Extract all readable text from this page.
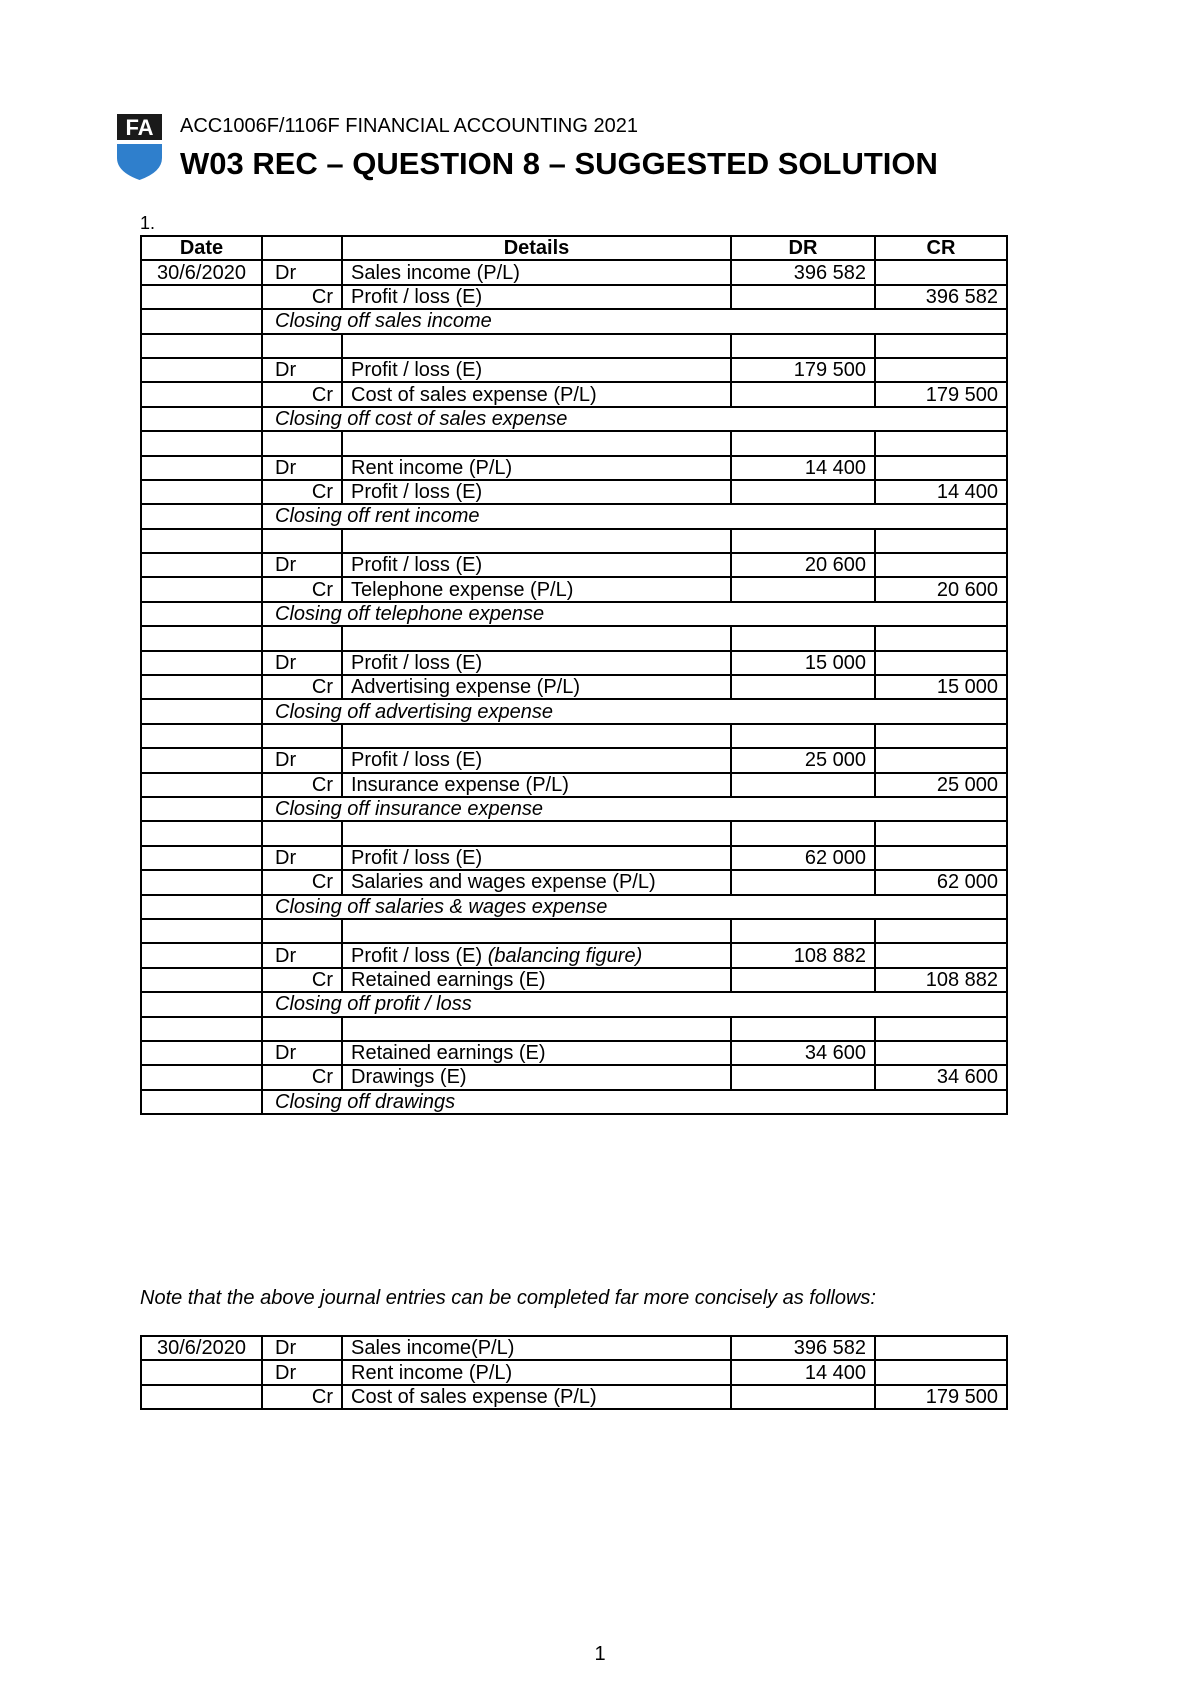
FA ACC1006F/1106F FINANCIAL ACCOUNTING 2021
W03 REC – QUESTION 8 – SUGGESTED SOLUTION
1.
Date		Details	DR	CR
30/6/2020	Dr	Sales income (P/L)	396 582	
	Cr	Profit / loss (E)		396 582
	Closing off sales income			

	Dr	Profit / loss (E)	179 500	
	Cr	Cost of sales expense (P/L)		179 500
	Closing off cost of sales expense			

	Dr	Rent income (P/L)	14 400	
	Cr	Profit / loss (E)		14 400
	Closing off rent income			

	Dr	Profit / loss (E)	20 600	
	Cr	Telephone expense (P/L)		20 600
	Closing off telephone expense			

	Dr	Profit / loss (E)	15 000	
	Cr	Advertising expense (P/L)		15 000
	Closing off advertising expense			

	Dr	Profit / loss (E)	25 000	
	Cr	Insurance expense (P/L)		25 000
	Closing off insurance expense			

	Dr	Profit / loss (E)	62 000	
	Cr	Salaries and wages expense (P/L)		62 000
	Closing off salaries & wages expense			

	Dr	Profit / loss (E) (balancing figure)	108 882	
	Cr	Retained earnings (E)		108 882
	Closing off profit / loss			

	Dr	Retained earnings (E)	34 600	
	Cr	Drawings (E)		34 600
	Closing off drawings			
Note that the above journal entries can be completed far more concisely as follows:
30/6/2020	Dr	Sales income(P/L)	396 582	
	Dr	Rent income (P/L)	14 400	
	Cr	Cost of sales expense (P/L)		179 500
1
